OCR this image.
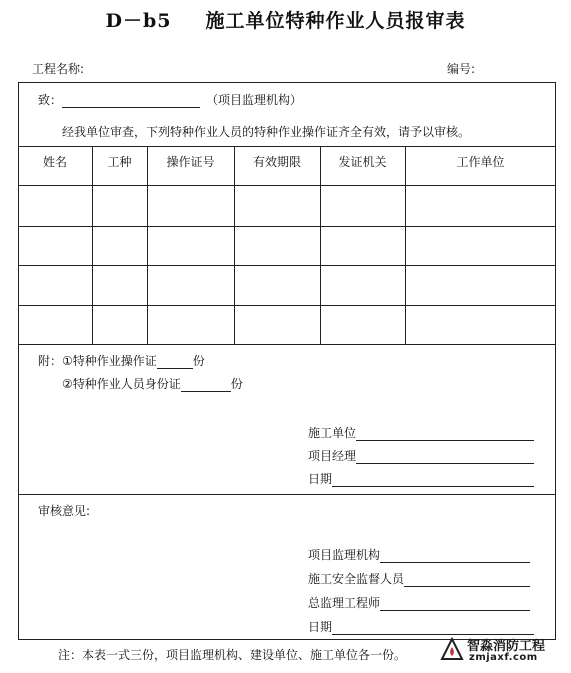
D－b5 施工单位特种作业人员报审表
工程名称:	编号:
致：	（项目监理机构）
经我单位审查，下列特种作业人员的特种作业操作证齐全有效，请予以审核。
姓名	工种	操作证号	有效期限	发证机关	工作单位
附：①特种作业操作证	份
②特种作业人员身份证	份
施工单位
项目经理
日期
审核意见:
项目监理机构
施工安全监督人员
总监理工程师
日期
注：本表一式三份，项目监理机构、建设单位、施工单位各一份。
智淼消防工程
zmjaxf.com
